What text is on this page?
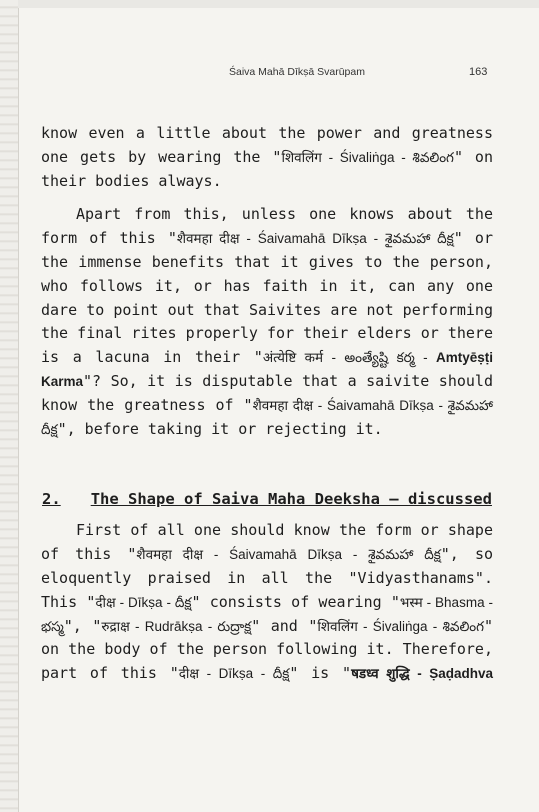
Śaiva Mahā Dīkṣā Svarūpam	163

know even a little about the power and greatness one gets by wearing the "शिवलिंग - Śivaliṅga - శివలింగ" on their bodies always.

Apart from this, unless one knows about the form of this "शैवमहा दीक्ष - Śaivamahā Dīkṣa - శైవమహా దీక్ష" or the immense benefits that it gives to the person, who follows it, or has faith in it, can any one dare to point out that Saivites are not performing the final rites properly for their elders or there is a lacuna in their "अंत्येष्टि कर्म - అంత్యేష్టి కర్మ - Amtyēṣṭi Karma"? So, it is disputable that a saivite should know the greatness of "शैवमहा दीक्ष - Śaivamahā Dīkṣa - శైవమహా దీక్ష", before taking it or rejecting it.

2. The Shape of Saiva Maha Deeksha – discussed

First of all one should know the form or shape of this "शैवमहा दीक्ष - Śaivamahā Dīkṣa - శైవమహా దీక్ష", so eloquently praised in all the "Vidyasthanams". This "दीक्ष - Dīkṣa - దీక్ష" consists of wearing "भस्म - Bhasma - భస్మ", "रुद्राक्ष - Rudrākṣa - రుద్రాక్ష" and "शिवलिंग - Śivaliṅga - శివలింగ" on the body of the person following it. Therefore, part of this "दीक्ष - Dīkṣa - దీక్ష" is "षडध्व शुद्धि - Ṣaḍadhva
